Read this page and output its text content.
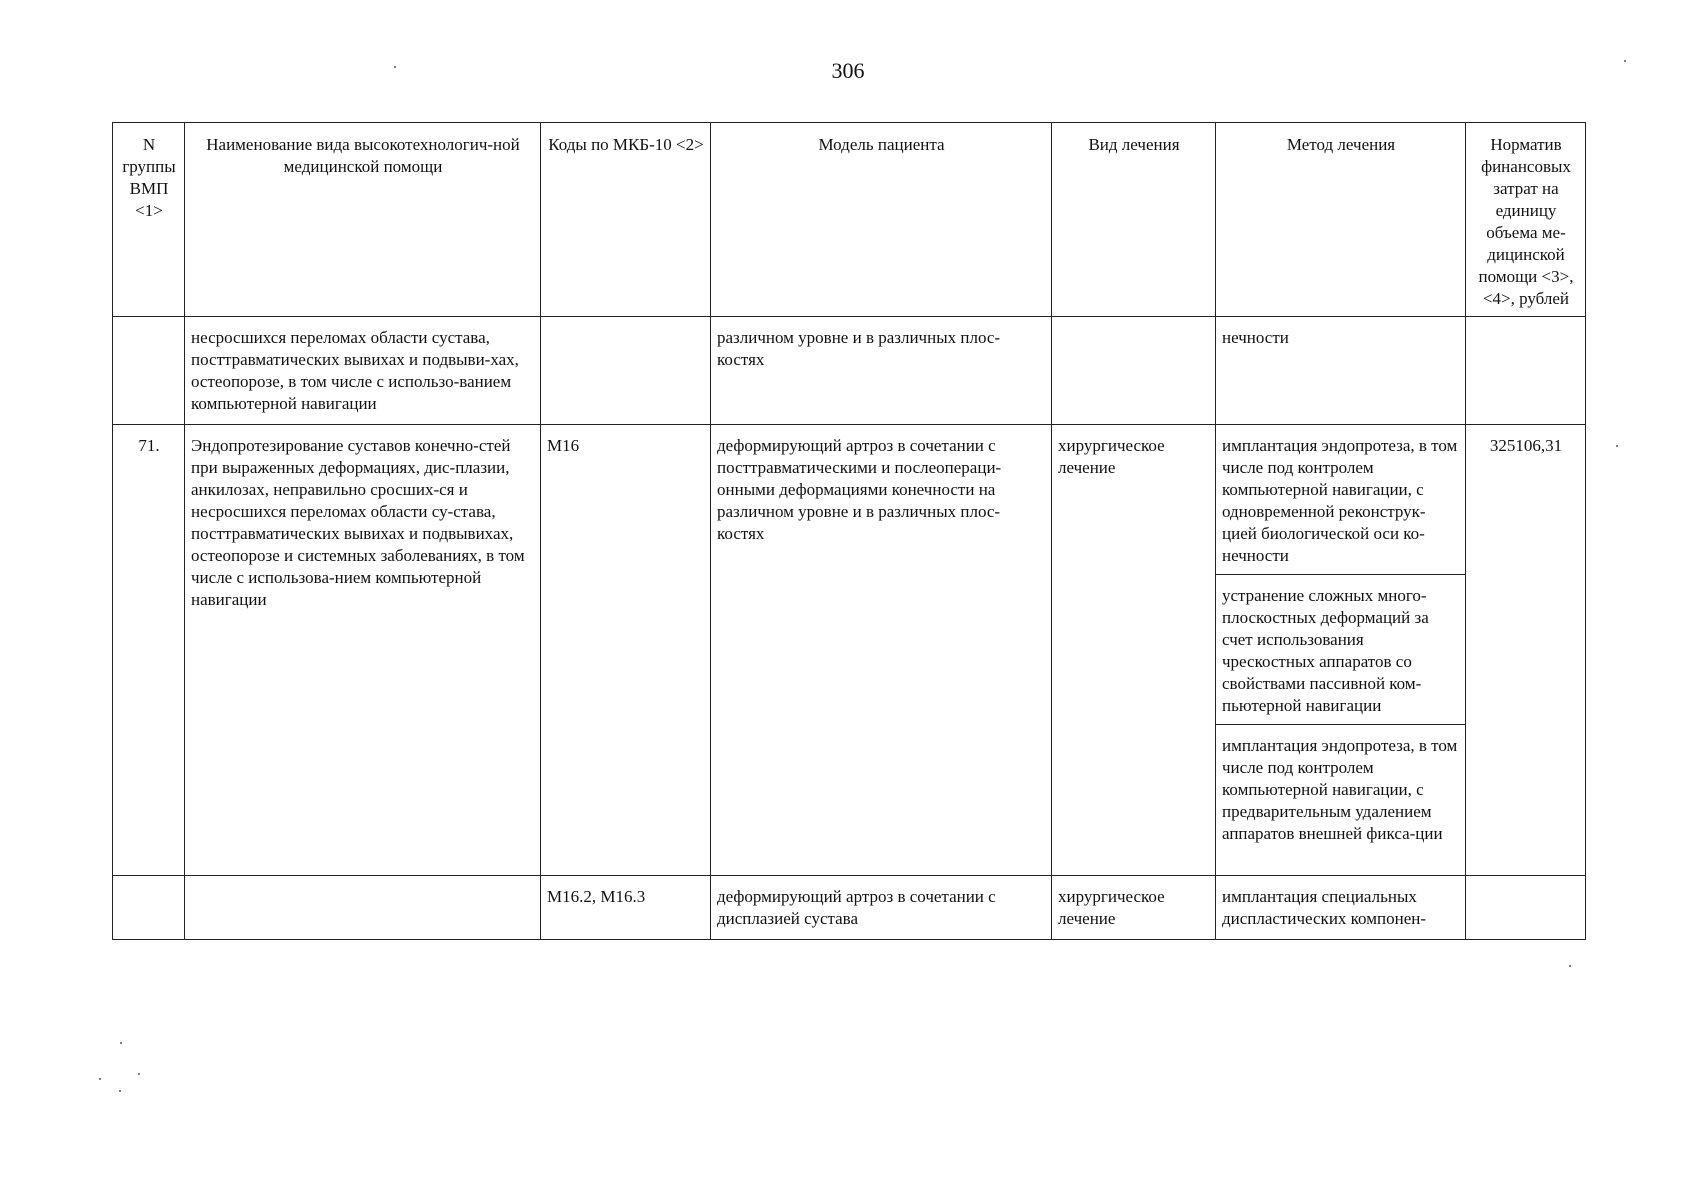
306
N группы ВМП <1>	Наименование вида высокотехнологич-ной медицинской помощи	Коды по МКБ-10 <2>	Модель пациента	Вид лечения	Метод лечения	Норматив финансовых затрат на единицу объема ме-дицинской помощи <3>, <4>, рублей
	несросшихся переломах области сустава, посттравматических вывихах и подвыви-хах, остеопорозе, в том числе с использо-ванием компьютерной навигации		различном уровне и в различных плос-костях		нечности	
71.	Эндопротезирование суставов конечно-стей при выраженных деформациях, дис-плазии, анкилозах, неправильно сросших-ся и несросшихся переломах области су-става, посттравматических вывихах и подвывихах, остеопорозе и системных заболеваниях, в том числе с использова-нием компьютерной навигации	M16	деформирующий артроз в сочетании с посттравматическими и послеопераци-онными деформациями конечности на различном уровне и в различных плос-костях	хирургическое лечение	имплантация эндопротеза, в том числе под контролем компьютерной навигации, с одновременной реконструк-цией биологической оси ко-нечности	325106,31
					устранение сложных много-плоскостных деформаций за счет использования чрескостных аппаратов со свойствами пассивной ком-пьютерной навигации	
					имплантация эндопротеза, в том числе под контролем компьютерной навигации, с предварительным удалением аппаратов внешней фикса-ции	
		M16.2, M16.3	деформирующий артроз в сочетании с дисплазией сустава	хирургическое лечение	имплантация специальных диспластических компонен-	
